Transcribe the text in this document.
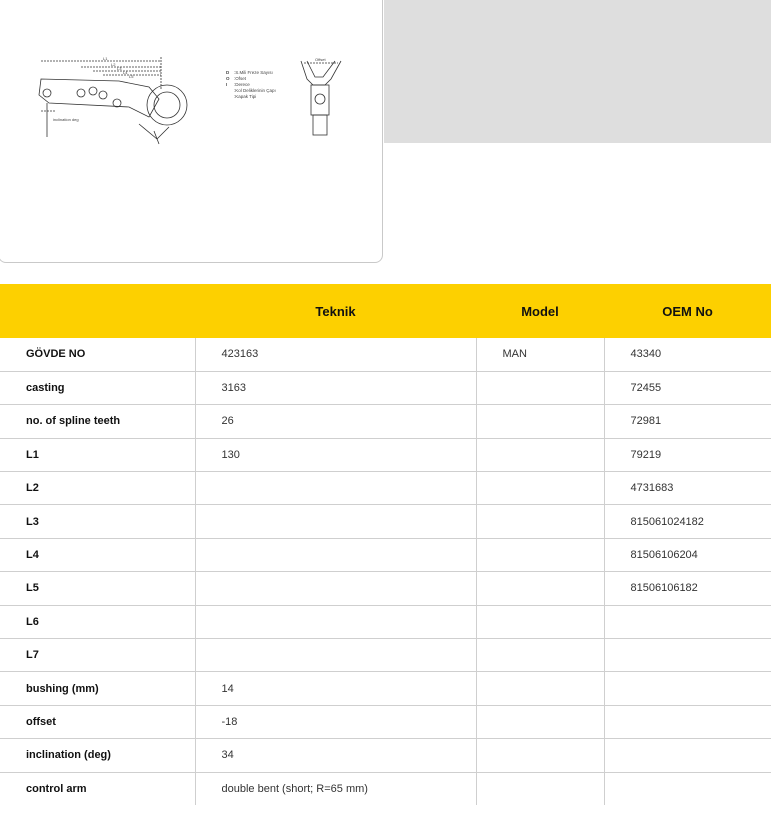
inclination deg
Offset
L1
L2
L3
L4
L5
D :S.Mili Freze Sayısı
O :Ofset
I :Derece
:Kol Deliklerinin Çapı
:Kapak Tipi
	Teknik	Model	OEM No
GÖVDE NO	423163	MAN	43340
casting	3163		72455
no. of spline teeth	26		72981
L1	130		79219
L2			4731683
L3			815061024182
L4			81506106204
L5			81506106182
L6			
L7			
bushing (mm)	14		
offset	-18		
inclination (deg)	34		
control arm	double bent (short; R=65 mm)		
